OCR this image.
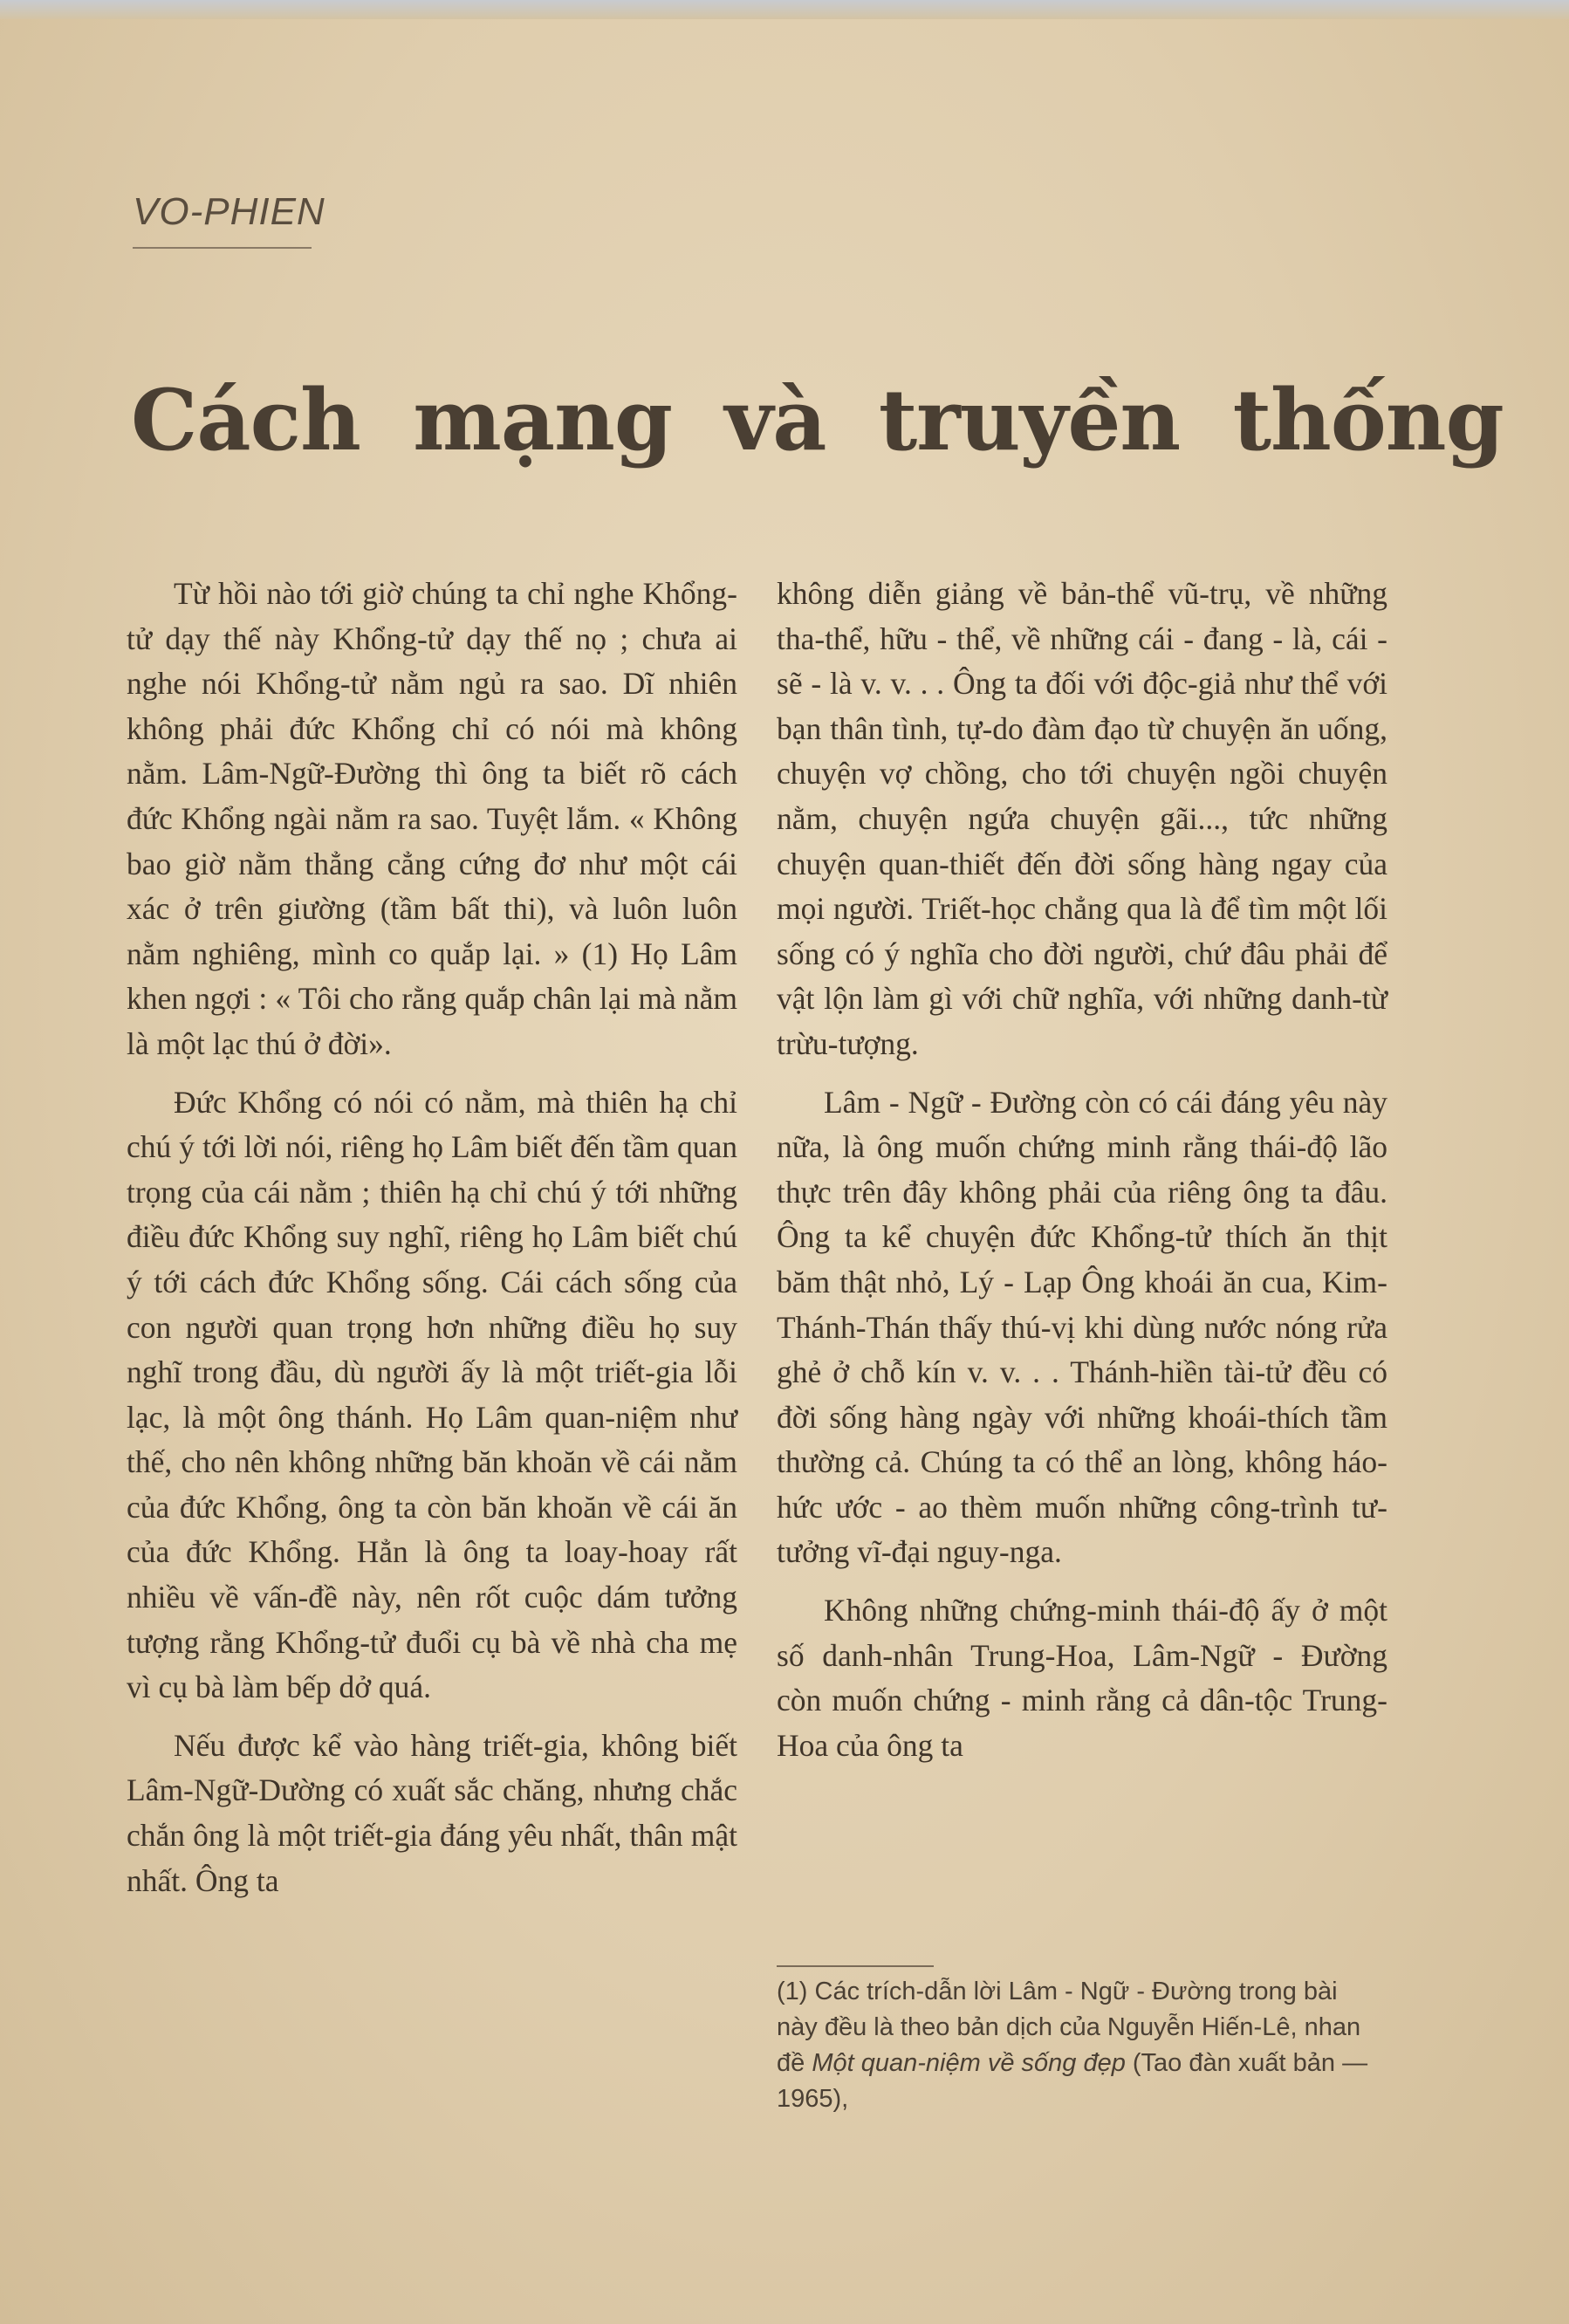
VO-PHIEN
Cách mạng và truyền thống

Từ hồi nào tới giờ chúng ta chỉ nghe Khổng-tử dạy thế này Khổng-tử dạy thế nọ ; chưa ai nghe nói Khổng-tử nằm ngủ ra sao. Dĩ nhiên không phải đức Khổng chỉ có nói mà không nằm. Lâm-Ngữ-Đường thì ông ta biết rõ cách đức Khổng ngài nằm ra sao. Tuyệt lắm. « Không bao giờ nằm thẳng cẳng cứng đơ như một cái xác ở trên giường (tầm bất thi), và luôn luôn nằm nghiêng, mình co quắp lại. » (1) Họ Lâm khen ngợi : « Tôi cho rằng quắp chân lại mà nằm là một lạc thú ở đời».

Đức Khổng có nói có nằm, mà thiên hạ chỉ chú ý tới lời nói, riêng họ Lâm biết đến tầm quan trọng của cái nằm ; thiên hạ chỉ chú ý tới những điều đức Khổng suy nghĩ, riêng họ Lâm biết chú ý tới cách đức Khổng sống. Cái cách sống của con người quan trọng hơn những điều họ suy nghĩ trong đầu, dù người ấy là một triết-gia lỗi lạc, là một ông thánh. Họ Lâm quan-niệm như thế, cho nên không những băn khoăn về cái nằm của đức Khổng, ông ta còn băn khoăn về cái ăn của đức Khổng. Hẳn là ông ta loay-hoay rất nhiều về vấn-đề này, nên rốt cuộc dám tưởng tượng rằng Khổng-tử đuổi cụ bà về nhà cha mẹ vì cụ bà làm bếp dở quá.

Nếu được kể vào hàng triết-gia, không biết Lâm-Ngữ-Dường có xuất sắc chăng, nhưng chắc chắn ông là một triết-gia đáng yêu nhất, thân mật nhất. Ông ta

không diễn giảng về bản-thể vũ-trụ, về những tha-thể, hữu - thể, về những cái - đang - là, cái - sẽ - là v. v. . . Ông ta đối với độc-giả như thể với bạn thân tình, tự-do đàm đạo từ chuyện ăn uống, chuyện vợ chồng, cho tới chuyện ngồi chuyện nằm, chuyện ngứa chuyện gãi..., tức những chuyện quan-thiết đến đời sống hàng ngay của mọi người. Triết-học chẳng qua là để tìm một lối sống có ý nghĩa cho đời người, chứ đâu phải để vật lộn làm gì với chữ nghĩa, với những danh-từ trừu-tượng.

Lâm - Ngữ - Đường còn có cái đáng yêu này nữa, là ông muốn chứng minh rằng thái-độ lão thực trên đây không phải của riêng ông ta đâu. Ông ta kể chuyện đức Khổng-tử thích ăn thịt băm thật nhỏ, Lý - Lạp Ông khoái ăn cua, Kim-Thánh-Thán thấy thú-vị khi dùng nước nóng rửa ghẻ ở chỗ kín v. v. . . Thánh-hiền tài-tử đều có đời sống hàng ngày với những khoái-thích tầm thường cả. Chúng ta có thể an lòng, không háo-hức ước - ao thèm muốn những công-trình tư-tưởng vĩ-đại nguy-nga.

Không những chứng-minh thái-độ ấy ở một số danh-nhân Trung-Hoa, Lâm-Ngữ - Đường còn muốn chứng - minh rằng cả dân-tộc Trung-Hoa của ông ta

(1) Các trích-dẫn lời Lâm - Ngữ - Đường trong bài này đều là theo bản dịch của Nguyễn Hiến-Lê, nhan đề Một quan-niệm về sống đẹp (Tao đàn xuất bản — 1965),
